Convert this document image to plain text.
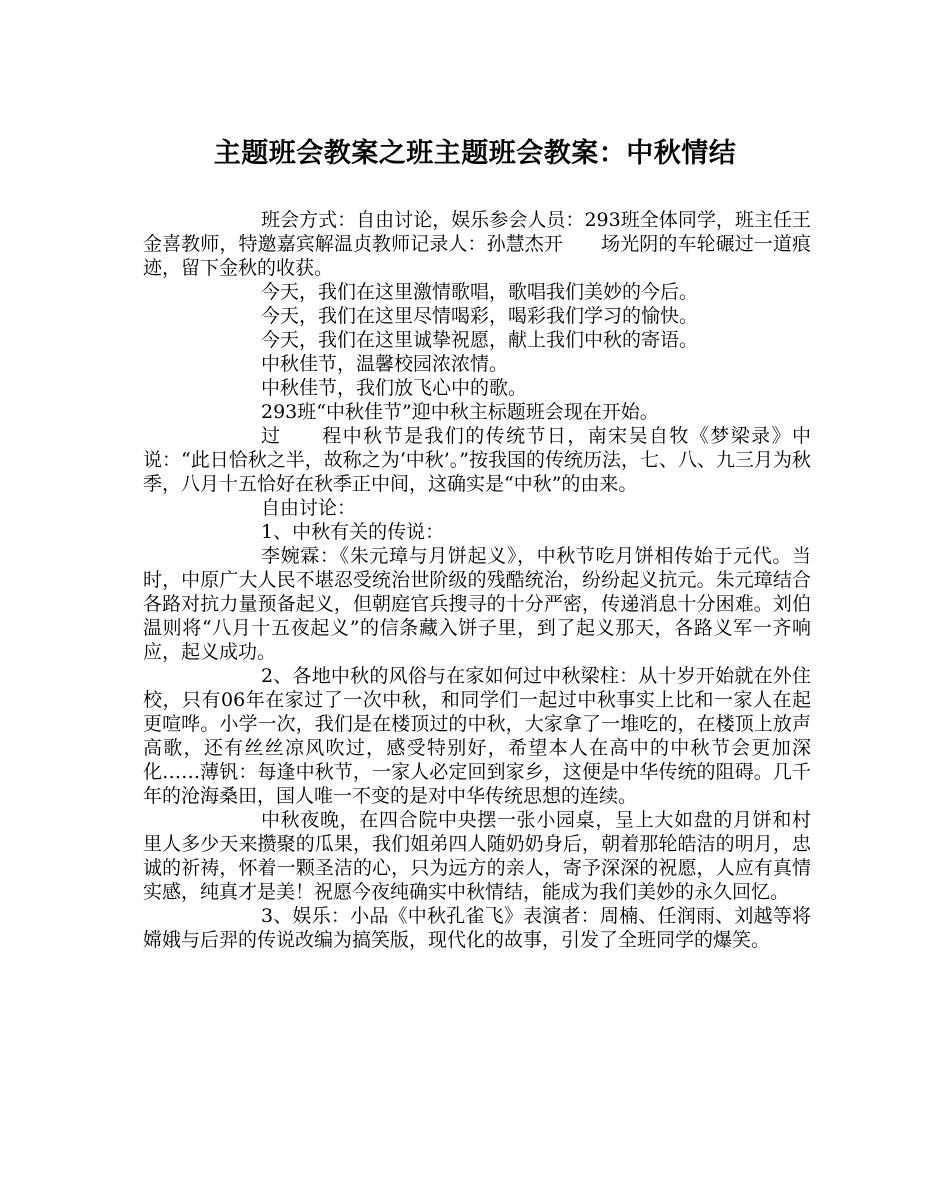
主题班会教案之班主题班会教案：中秋情结

班会方式：自由讨论，娱乐参会人员：293班全体同学，班主任王金喜教师，特邀嘉宾解温贞教师记录人：孙慧杰开　　场光阴的车轮碾过一道痕迹，留下金秋的收获。

今天，我们在这里激情歌唱，歌唱我们美妙的今后。

今天，我们在这里尽情喝彩，喝彩我们学习的愉快。

今天，我们在这里诚挚祝愿，献上我们中秋的寄语。

中秋佳节，温馨校园浓浓情。

中秋佳节，我们放飞心中的歌。

293班“中秋佳节”迎中秋主标题班会现在开始。

过　　程中秋节是我们的传统节日，南宋吴自牧《梦梁录》中说：“此日恰秋之半，故称之为‘中秋’。”按我国的传统历法，七、八、九三月为秋季，八月十五恰好在秋季正中间，这确实是“中秋”的由来。

自由讨论：

1、中秋有关的传说：

李婉霖：《朱元璋与月饼起义》，中秋节吃月饼相传始于元代。当时，中原广大人民不堪忍受统治世阶级的残酷统治，纷纷起义抗元。朱元璋结合各路对抗力量预备起义，但朝庭官兵搜寻的十分严密，传递消息十分困难。刘伯温则将“八月十五夜起义”的信条藏入饼子里，到了起义那天，各路义军一齐响应，起义成功。

2、各地中秋的风俗与在家如何过中秋梁柱：从十岁开始就在外住校，只有06年在家过了一次中秋，和同学们一起过中秋事实上比和一家人在起更喧哗。小学一次，我们是在楼顶过的中秋，大家拿了一堆吃的，在楼顶上放声高歌，还有丝丝凉风吹过，感受特别好，希望本人在高中的中秋节会更加深化……薄钒：每逢中秋节，一家人必定回到家乡，这便是中华传统的阻碍。几千年的沧海桑田，国人唯一不变的是对中华传统思想的连续。

中秋夜晚，在四合院中央摆一张小园桌，呈上大如盘的月饼和村里人多少天来攒聚的瓜果，我们姐弟四人随奶奶身后，朝着那轮皓洁的明月，忠诚的祈祷，怀着一颗圣洁的心，只为远方的亲人，寄予深深的祝愿，人应有真情实感，纯真才是美！祝愿今夜纯确实中秋情结，能成为我们美妙的永久回忆。

3、娱乐：小品《中秋孔雀飞》表演者：周楠、任润雨、刘越等将嫦娥与后羿的传说改编为搞笑版，现代化的故事，引发了全班同学的爆笑。
